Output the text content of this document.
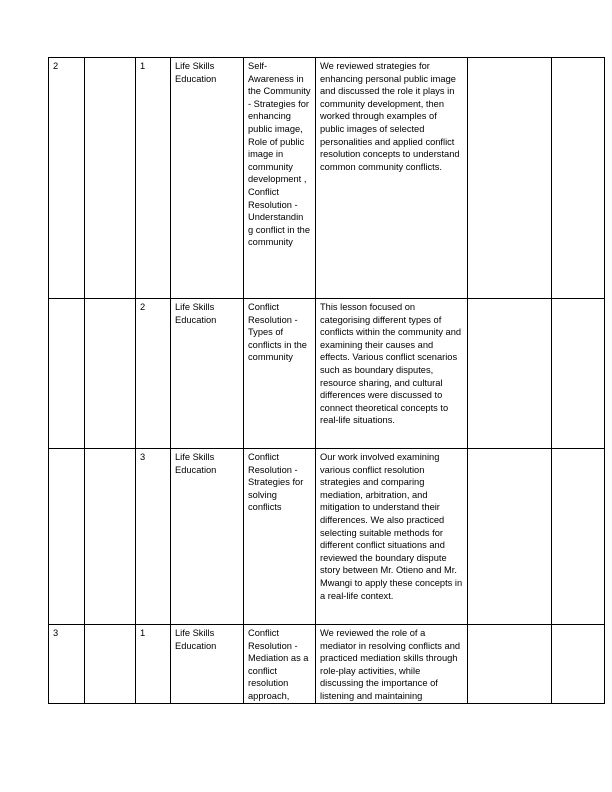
2		1	Life Skills Education	Self-Awareness in the Community - Strategies for enhancing public image, Role of public image in community development , Conflict Resolution - Understandin g conflict in the community	We reviewed strategies for enhancing personal public image and discussed the role it plays in community development, then worked through examples of public images of selected personalities and applied conflict resolution concepts to understand common community conflicts.		
		2	Life Skills Education	Conflict Resolution - Types of conflicts in the community	This lesson focused on categorising different types of conflicts within the community and examining their causes and effects. Various conflict scenarios such as boundary disputes, resource sharing, and cultural differences were discussed to connect theoretical concepts to real-life situations.		
		3	Life Skills Education	Conflict Resolution - Strategies for solving conflicts	Our work involved examining various conflict resolution strategies and comparing mediation, arbitration, and mitigation to understand their differences. We also practiced selecting suitable methods for different conflict situations and reviewed the boundary dispute story between Mr. Otieno and Mr. Mwangi to apply these concepts in a real-life context.		
3		1	Life Skills Education	Conflict Resolution - Mediation as a conflict resolution approach,	We reviewed the role of a mediator in resolving conflicts and practiced mediation skills through role-play activities, while discussing the importance of listening and maintaining		
